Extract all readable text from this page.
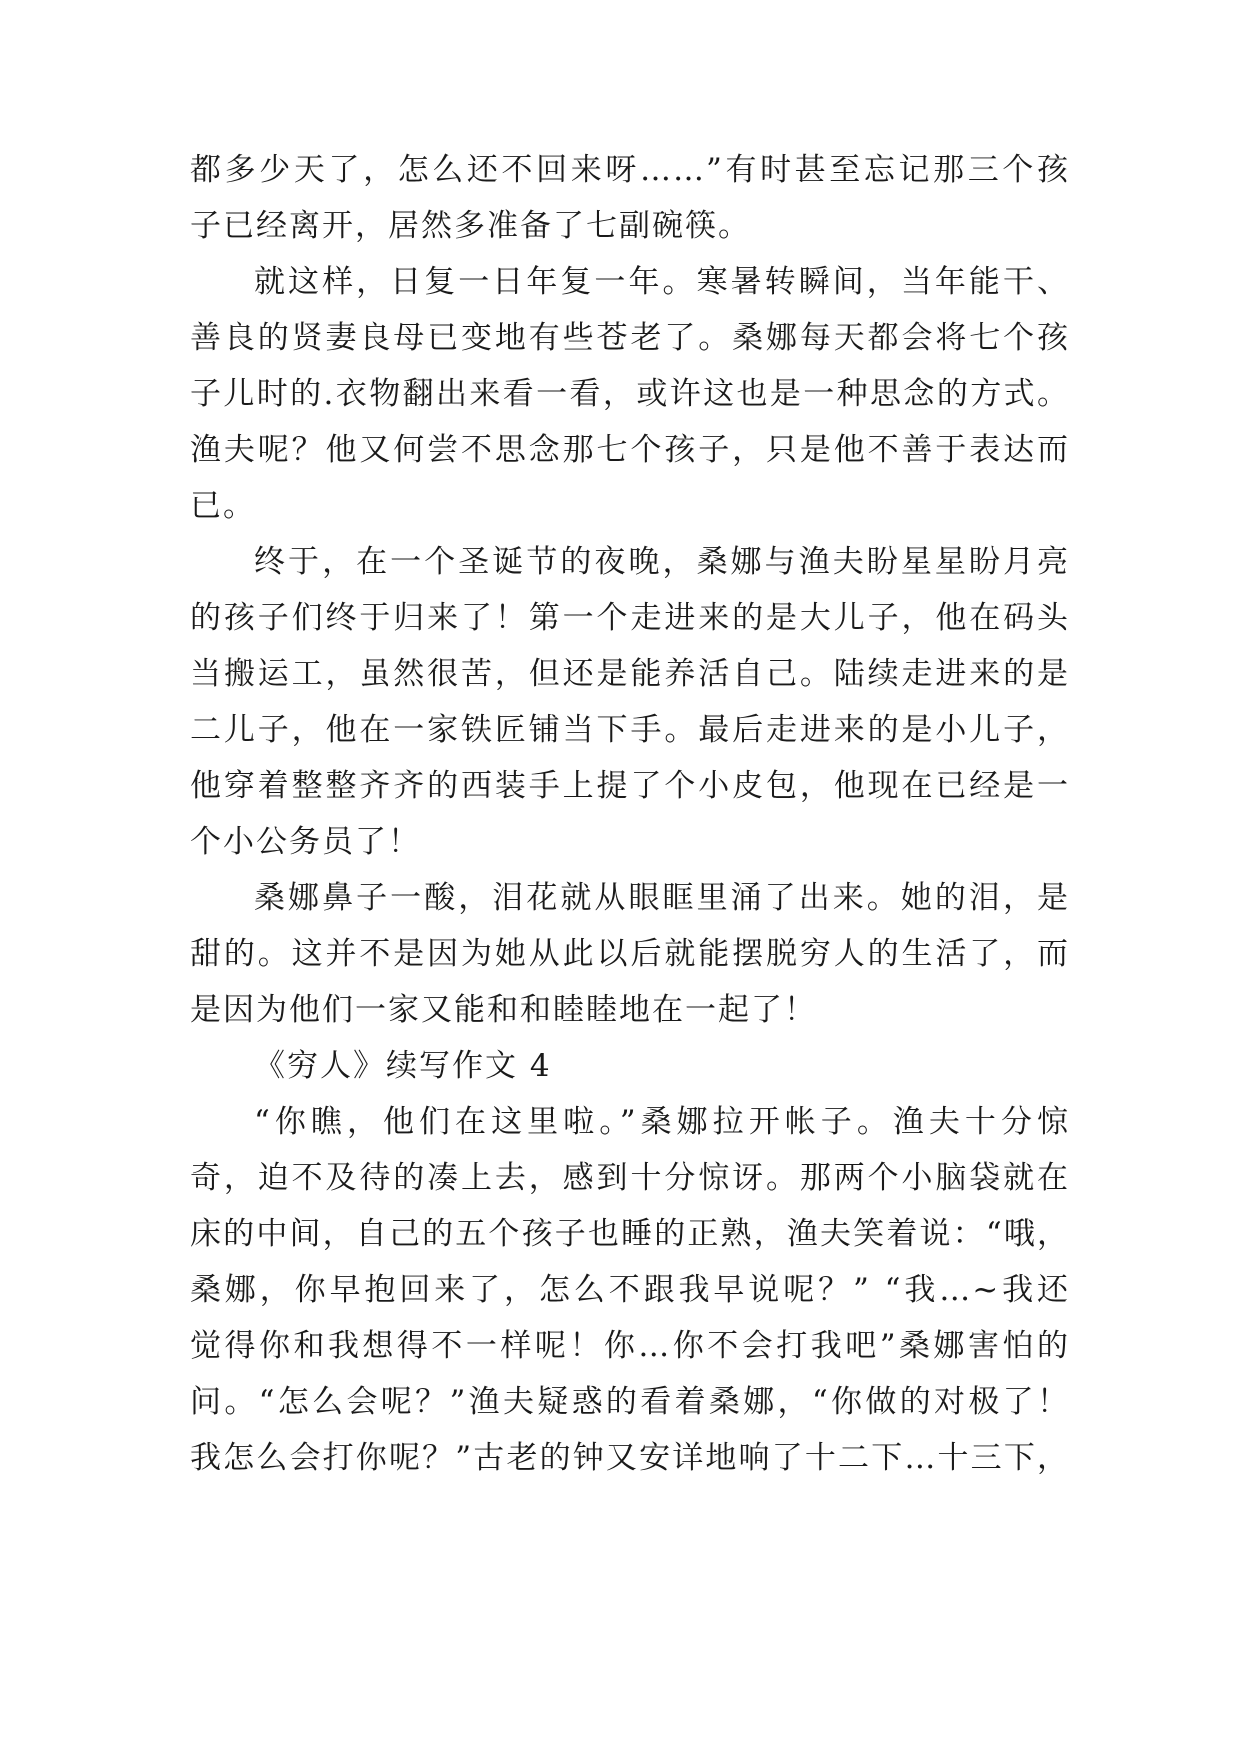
都多少天了，怎么还不回来呀……”有时甚至忘记那三个孩
子已经离开，居然多准备了七副碗筷。
就这样，日复一日年复一年。寒暑转瞬间，当年能干、
善良的贤妻良母已变地有些苍老了。桑娜每天都会将七个孩
子儿时的.衣物翻出来看一看，或许这也是一种思念的方式。
渔夫呢？他又何尝不思念那七个孩子，只是他不善于表达而
已。
终于，在一个圣诞节的夜晚，桑娜与渔夫盼星星盼月亮
的孩子们终于归来了！第一个走进来的是大儿子，他在码头
当搬运工，虽然很苦，但还是能养活自己。陆续走进来的是
二儿子，他在一家铁匠铺当下手。最后走进来的是小儿子，
他穿着整整齐齐的西装手上提了个小皮包，他现在已经是一
个小公务员了！
桑娜鼻子一酸，泪花就从眼眶里涌了出来。她的泪，是
甜的。这并不是因为她从此以后就能摆脱穷人的生活了，而
是因为他们一家又能和和睦睦地在一起了！
《穷人》续写作文 4
“你瞧，他们在这里啦。”桑娜拉开帐子。渔夫十分惊
奇，迫不及待的凑上去，感到十分惊讶。那两个小脑袋就在
床的中间，自己的五个孩子也睡的正熟，渔夫笑着说：“哦，
桑娜，你早抱回来了，怎么不跟我早说呢？” “我…~我还
觉得你和我想得不一样呢！你…你不会打我吧”桑娜害怕的
问。“怎么会呢？”渔夫疑惑的看着桑娜，“你做的对极了！
我怎么会打你呢？”古老的钟又安详地响了十二下…十三下，
